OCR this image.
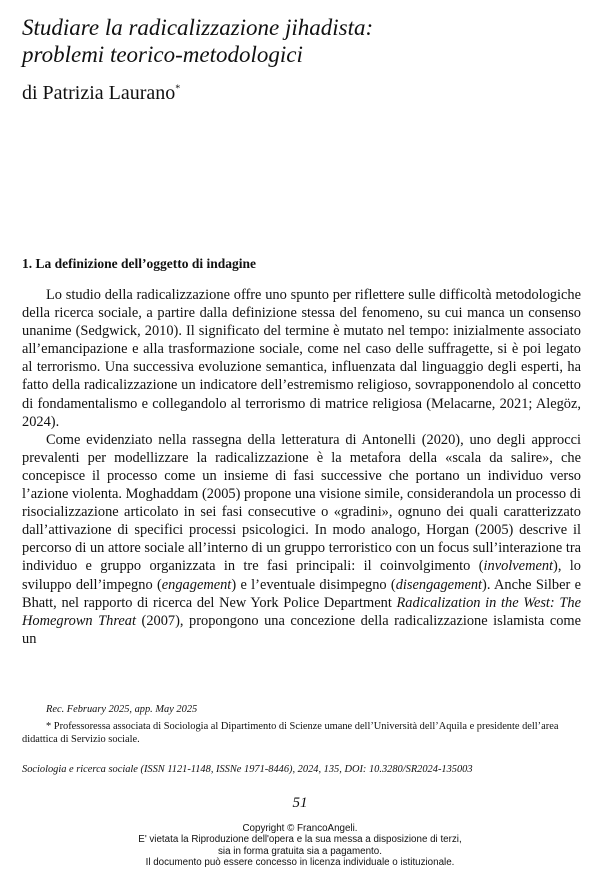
Studiare la radicalizzazione jihadista:
problemi teorico-metodologici
di Patrizia Laurano*
1. La definizione dell’oggetto di indagine

Lo studio della radicalizzazione offre uno spunto per riflettere sulle difficoltà metodologiche della ricerca sociale, a partire dalla definizione stessa del fenomeno, su cui manca un consenso unanime (Sedgwick, 2010). Il significato del termine è mutato nel tempo: inizialmente associato all’emancipazione e alla trasformazione sociale, come nel caso delle suffragette, si è poi legato al terrorismo. Una successiva evoluzione semantica, influenzata dal linguaggio degli esperti, ha fatto della radicalizzazione un indicatore dell’estremismo religioso, sovrapponendolo al concetto di fondamentalismo e collegandolo al terrorismo di matrice religiosa (Melacarne, 2021; Alegöz, 2024).

Come evidenziato nella rassegna della letteratura di Antonelli (2020), uno degli approcci prevalenti per modellizzare la radicalizzazione è la metafora della «scala da salire», che concepisce il processo come un insieme di fasi successive che portano un individuo verso l’azione violenta. Moghaddam (2005) propone una visione simile, considerandola un processo di risocializzazione articolato in sei fasi consecutive o «gradini», ognuno dei quali caratterizzato dall’attivazione di specifici processi psicologici. In modo analogo, Horgan (2005) descrive il percorso di un attore sociale all’interno di un gruppo terroristico con un focus sull’interazione tra individuo e gruppo organizzata in tre fasi principali: il coinvolgimento (involvement), lo sviluppo dell’impegno (engagement) e l’eventuale disimpegno (disengagement). Anche Silber e Bhatt, nel rapporto di ricerca del New York Police Department Radicalization in the West: The Homegrown Threat (2007), propongono una concezione della radicalizzazione islamista come un

Rec. February 2025, app. May 2025

* Professoressa associata di Sociologia al Dipartimento di Scienze umane dell’Università dell’Aquila e presidente dell’area didattica di Servizio sociale.

Sociologia e ricerca sociale (ISSN 1121-1148, ISSNe 1971-8446), 2024, 135, DOI: 10.3280/SR2024-135003
51
Copyright © FrancoAngeli.
E' vietata la Riproduzione dell'opera e la sua messa a disposizione di terzi,
sia in forma gratuita sia a pagamento.
Il documento può essere concesso in licenza individuale o istituzionale.
